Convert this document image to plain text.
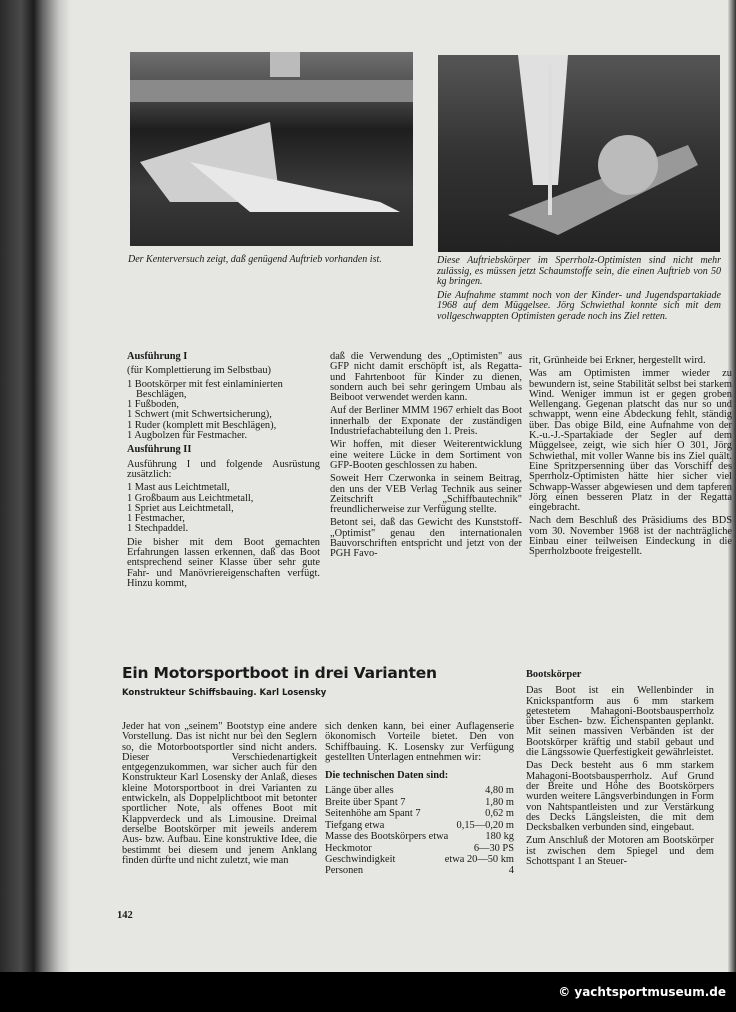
Der Kenterversuch zeigt, daß genügend Auftrieb vorhanden ist.	Diese Auftriebskörper im Sperrholz-Optimisten sind nicht mehr zulässig, es müssen jetzt Schaumstoffe sein, die einen Auftrieb von 50 kg bringen.

Die Aufnahme stammt noch von der Kinder- und Jugendspartakiade 1968 auf dem Müggelsee. Jörg Schwiethal konnte sich mit dem vollgeschwappten Optimisten gerade noch ins Ziel retten.

Ausführung I

(für Komplettierung im Selbstbau)

1 Bootskörper mit fest einlaminierten Beschlägen,
1 Fußboden,
1 Schwert (mit Schwertsicherung),
1 Ruder (komplett mit Beschlägen),
1 Augbolzen für Festmacher.
Ausführung II

Ausführung I und folgende Ausrüstung zusätzlich:

1 Mast aus Leichtmetall,
1 Großbaum aus Leichtmetall,
1 Spriet aus Leichtmetall,
1 Festmacher,
1 Stechpaddel.

Die bisher mit dem Boot gemachten Erfahrungen lassen erkennen, daß das Boot entsprechend seiner Klasse über sehr gute Fahr- und Manövriereigenschaften verfügt. Hinzu kommt,

daß die Verwendung des „Optimisten" aus GFP nicht damit erschöpft ist, als Regatta- und Fahrtenboot für Kinder zu dienen, sondern auch bei sehr geringem Umbau als Beiboot verwendet werden kann.

Auf der Berliner MMM 1967 erhielt das Boot innerhalb der Exponate der zuständigen Industriefachabteilung den 1. Preis.

Wir hoffen, mit dieser Weiterentwicklung eine weitere Lücke in dem Sortiment von GFP-Booten geschlossen zu haben.

Soweit Herr Czerwonka in seinem Beitrag, den uns der VEB Verlag Technik aus seiner Zeitschrift „Schiffbautechnik" freundlicherweise zur Verfügung stellte.

Betont sei, daß das Gewicht des Kunststoff-„Optimist" genau den internationalen Bauvorschriften entspricht und jetzt von der PGH Favo-

rit, Grünheide bei Erkner, hergestellt wird.

Was am Optimisten immer wieder zu bewundern ist, seine Stabilität selbst bei starkem Wind. Weniger immun ist er gegen groben Wellengang. Gegenan platscht das nur so und schwappt, wenn eine Abdeckung fehlt, ständig über. Das obige Bild, eine Aufnahme von der K.-u.-J.-Spartakiade der Segler auf dem Müggelsee, zeigt, wie sich hier O 301, Jörg Schwiethal, mit voller Wanne bis ins Ziel quält. Eine Spritzpersenning über das Vorschiff des Sperrholz-Optimisten hätte hier sicher viel Schwapp-Wasser abgewiesen und dem tapferen Jörg einen besseren Platz in der Regatta eingebracht.

Nach dem Beschluß des Präsidiums des BDS vom 30. November 1968 ist der nachträgliche Einbau einer teilweisen Eindeckung in die Sperrholzboote freigestellt.

Ein Motorsportboot in drei Varianten
Konstrukteur Schiffsbauing. Karl Losensky

Jeder hat von „seinem" Bootstyp eine andere Vorstellung. Das ist nicht nur bei den Seglern so, die Motorbootsportler sind nicht anders. Dieser Verschiedenartigkeit entgegenzukommen, war sicher auch für den Konstrukteur Karl Losensky der Anlaß, dieses kleine Motorsportboot in drei Varianten zu entwickeln, als Doppelplichtboot mit betonter sportlicher Note, als offenes Boot mit Klappverdeck und als Limousine. Dreimal derselbe Bootskörper mit jeweils anderem Aus- bzw. Aufbau. Eine konstruktive Idee, die bestimmt bei diesem und jenem Anklang finden dürfte und nicht zuletzt, wie man

sich denken kann, bei einer Auflagenserie ökonomisch Vorteile bietet. Den von Schiffbauing. K. Losensky zur Verfügung gestellten Unterlagen entnehmen wir:

Die technischen Daten sind:
Länge über alles	4,80 m
Breite über Spant 7	1,80 m
Seitenhöhe am Spant 7	0,62 m
Tiefgang etwa	0,15—0,20 m
Masse des Bootskörpers etwa	180 kg
Heckmotor	6—30 PS
Geschwindigkeit	etwa 20—50 km
Personen	4
Bootskörper

Das Boot ist ein Wellenbinder in Knickspantform aus 6 mm starkem getestetem Mahagoni-Bootsbausperrholz über Eschen- bzw. Eichenspanten geplankt. Mit seinen massiven Verbänden ist der Bootskörper kräftig und stabil gebaut und die Längssowie Querfestigkeit gewährleistet.

Das Deck besteht aus 6 mm starkem Mahagoni-Bootsbausperrholz. Auf Grund der Breite und Höhe des Bootskörpers wurden weitere Längsverbindungen in Form von Nahtspantleisten und zur Verstärkung des Decks Längsleisten, die mit dem Decksbalken verbunden sind, eingebaut.

Zum Anschluß der Motoren am Bootskörper ist zwischen dem Spiegel und dem Schottspant 1 an Steuer-

142
© yachtsportmuseum.de
